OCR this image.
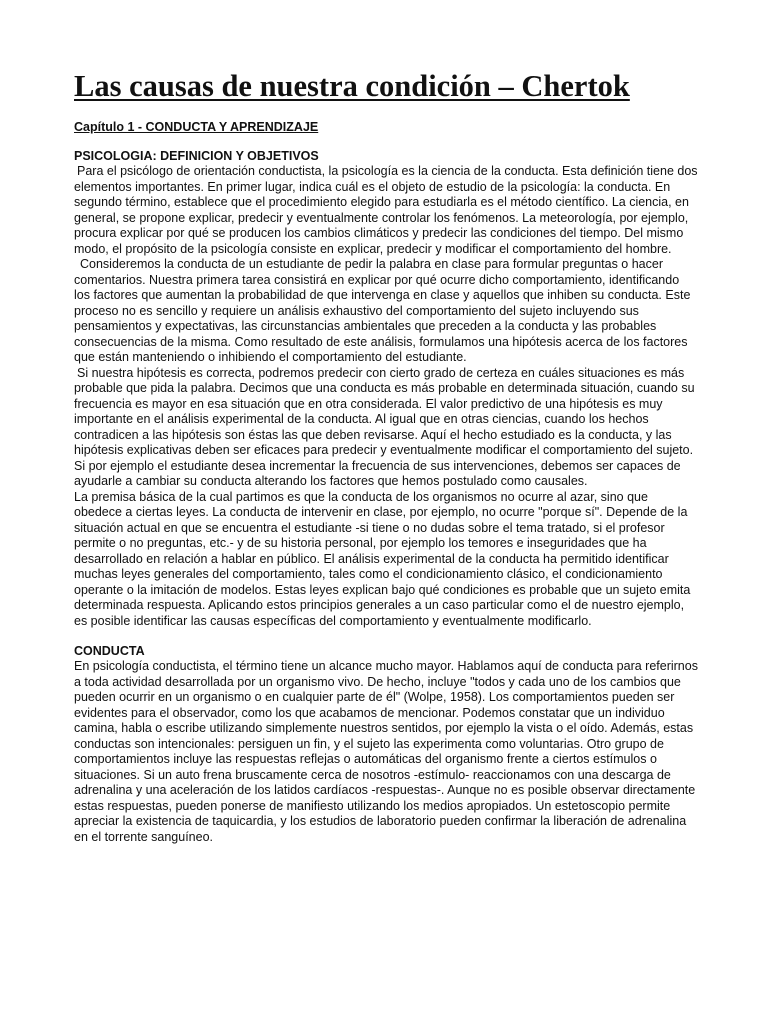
Las causas de nuestra condición – Chertok
Capítulo 1 - CONDUCTA Y APRENDIZAJE
PSICOLOGIA: DEFINICION Y OBJETIVOS

Para el psicólogo de orientación conductista, la psicología es la ciencia de la conducta. Esta definición tiene dos elementos importantes. En primer lugar, indica cuál es el objeto de estudio de la psicología: la conducta. En segundo término, establece que el procedimiento elegido para estudiarla es el método científico. La ciencia, en general, se propone explicar, predecir y eventualmente controlar los fenómenos. La meteorología, por ejemplo, procura explicar por qué se producen los cambios climáticos y predecir las condiciones del tiempo. Del mismo modo, el propósito de la psicología consiste en explicar, predecir y modificar el comportamiento del hombre.

Consideremos la conducta de un estudiante de pedir la palabra en clase para formular preguntas o hacer comentarios. Nuestra primera tarea consistirá en explicar por qué ocurre dicho comportamiento, identificando los factores que aumentan la probabilidad de que intervenga en clase y aquellos que inhiben su conducta. Este proceso no es sencillo y requiere un análisis exhaustivo del comportamiento del sujeto incluyendo sus pensamientos y expectativas, las circunstancias ambientales que preceden a la conducta y las probables consecuencias de la misma. Como resultado de este análisis, formulamos una hipótesis acerca de los factores que están manteniendo o inhibiendo el comportamiento del estudiante.

Si nuestra hipótesis es correcta, podremos predecir con cierto grado de certeza en cuáles situaciones es más probable que pida la palabra. Decimos que una conducta es más probable en determinada situación, cuando su frecuencia es mayor en esa situación que en otra considerada. El valor predictivo de una hipótesis es muy importante en el análisis experimental de la conducta. Al igual que en otras ciencias, cuando los hechos contradicen a las hipótesis son éstas las que deben revisarse. Aquí el hecho estudiado es la conducta, y las hipótesis explicativas deben ser eficaces para predecir y eventualmente modificar el comportamiento del sujeto. Si por ejemplo el estudiante desea incrementar la frecuencia de sus intervenciones, debemos ser capaces de ayudarle a cambiar su conducta alterando los factores que hemos postulado como causales.

La premisa básica de la cual partimos es que la conducta de los organismos no ocurre al azar, sino que obedece a ciertas leyes. La conducta de intervenir en clase, por ejemplo, no ocurre "porque sí". Depende de la situación actual en que se encuentra el estudiante -si tiene o no dudas sobre el tema tratado, si el profesor permite o no preguntas, etc.- y de su historia personal, por ejemplo los temores e inseguridades que ha desarrollado en relación a hablar en público. El análisis experimental de la conducta ha permitido identificar muchas leyes generales del comportamiento, tales como el condicionamiento clásico, el condicionamiento operante o la imitación de modelos. Estas leyes explican bajo qué condiciones es probable que un sujeto emita determinada respuesta. Aplicando estos principios generales a un caso particular como el de nuestro ejemplo, es posible identificar las causas específicas del comportamiento y eventualmente modificarlo.

CONDUCTA

En psicología conductista, el término tiene un alcance mucho mayor. Hablamos aquí de conducta para referirnos a toda actividad desarrollada por un organismo vivo. De hecho, incluye "todos y cada uno de los cambios que pueden ocurrir en un organismo o en cualquier parte de él" (Wolpe, 1958). Los comportamientos pueden ser evidentes para el observador, como los que acabamos de mencionar. Podemos constatar que un individuo camina, habla o escribe utilizando simplemente nuestros sentidos, por ejemplo la vista o el oído. Además, estas conductas son intencionales: persiguen un fin, y el sujeto las experimenta como voluntarias. Otro grupo de comportamientos incluye las respuestas reflejas o automáticas del organismo frente a ciertos estímulos o situaciones. Si un auto frena bruscamente cerca de nosotros -estímulo- reaccionamos con una descarga de adrenalina y una aceleración de los latidos cardíacos -respuestas-. Aunque no es posible observar directamente estas respuestas, pueden ponerse de manifiesto utilizando los medios apropiados. Un estetoscopio permite apreciar la existencia de taquicardia, y los estudios de laboratorio pueden confirmar la liberación de adrenalina en el torrente sanguíneo.
